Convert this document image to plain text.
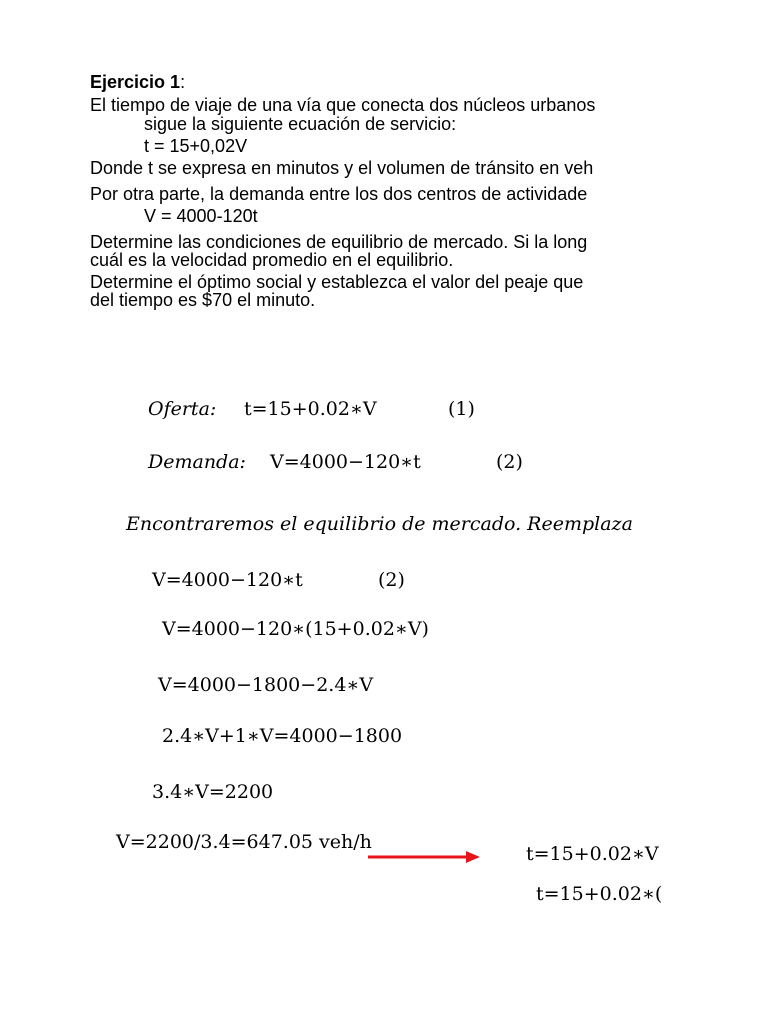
Ejercicio 1:
El tiempo de viaje de una vía que conecta dos núcleos urbanos
sigue la siguiente ecuación de servicio:
t = 15+0,02V
Donde t se expresa en minutos y el volumen de tránsito en veh
Por otra parte, la demanda entre los dos centros de actividade
V = 4000-120t
Determine las condiciones de equilibrio de mercado. Si la long
cuál es la velocidad promedio en el equilibrio.
Determine el óptimo social y establezca el valor del peaje que
del tiempo es $70 el minuto.
Oferta: t=15+0.02∗V	(1)
Demanda: V=4000−120∗t	(2)
Encontraremos el equilibrio de mercado. Reemplaza
V=4000−120∗t	(2)
V=4000−120∗(15+0.02∗V)
V=4000−1800−2.4∗V
2.4∗V+1∗V=4000−1800
3.4∗V=2200
V=2200/3.4=647.05 veh/h
t=15+0.02∗V
t=15+0.02∗(
